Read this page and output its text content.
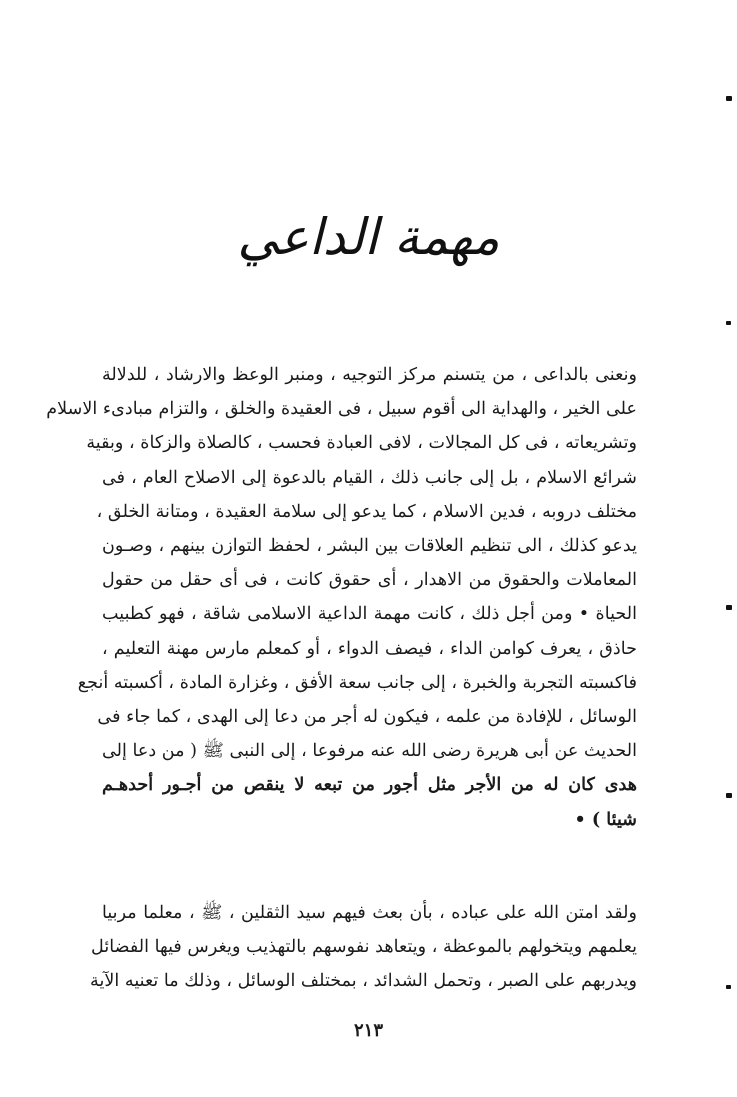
مهمة الداعي
ونعنى بالداعى ، من يتسنم مركز التوجيه ، ومنبر الوعظ والارشاد ، للدلالة
على الخير ، والهداية الى أقوم سبيل ، فى العقيدة والخلق ، والتزام مبادىء الاسلام
وتشريعاته ، فى كل المجالات ، لافى العبادة فحسب ، كالصلاة والزكاة ، وبقية
شرائع الاسلام ، بل إلى جانب ذلك ، القيام بالدعوة إلى الاصلاح العام ، فى
مختلف دروبه ، فدين الاسلام ، كما يدعو إلى سلامة العقيدة ، ومتانة الخلق ،
يدعو كذلك ، الى تنظيم العلاقات بين البشر ، لحفظ التوازن بينهم ، وصـون
المعاملات والحقوق من الاهدار ، أى حقوق كانت ، فى أى حقل من حقول
الحياة • ومن أجل ذلك ، كانت مهمة الداعية الاسلامى شاقة ، فهو كطبيب
حاذق ، يعرف كوامن الداء ، فيصف الدواء ، أو كمعلم مارس مهنة التعليم ،
فاكسبته التجربة والخبرة ، إلى جانب سعة الأفق ، وغزارة المادة ، أكسبته أنجع
الوسائل ، للإفادة من علمه ، فيكون له أجر من دعا إلى الهدى ، كما جاء فى
الحديث عن أبى هريرة رضى الله عنه مرفوعا ، إلى النبى ﷺ ( من دعا إلى
هدى كان له من الأجر مثل أجور من تبعه لا ينقص من أجـور أحدهـم
شيئا ) •
ولقد امتن الله على عباده ، بأن بعث فيهم سيد الثقلين ، ﷺ ، معلما مربيا
يعلمهم ويتخولهم بالموعظة ، ويتعاهد نفوسهم بالتهذيب ويغرس فيها الفضائل
ويدربهم على الصبر ، وتحمل الشدائد ، بمختلف الوسائل ، وذلك ما تعنيه الآية
٢١٣
